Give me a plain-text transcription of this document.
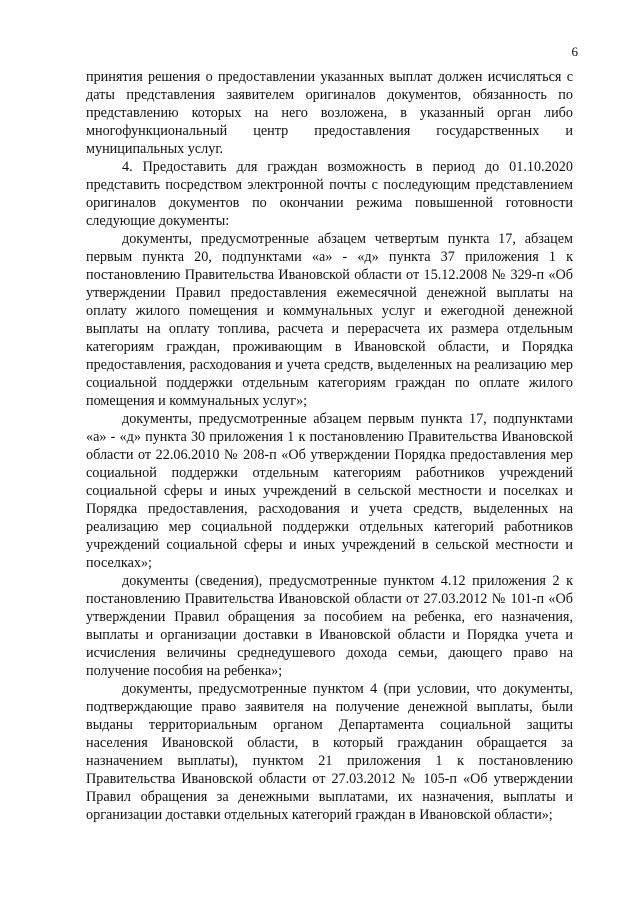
6

принятия решения о предоставлении указанных выплат должен исчисляться с даты представления заявителем оригиналов документов, обязанность по представлению которых на него возложена, в указанный орган либо многофункциональный центр предоставления государственных и муниципальных услуг.

4. Предоставить для граждан возможность в период до 01.10.2020 представить посредством электронной почты с последующим представлением оригиналов документов по окончании режима повышенной готовности следующие документы:

документы, предусмотренные абзацем четвертым пункта 17, абзацем первым пункта 20, подпунктами «а» - «д» пункта 37 приложения 1 к постановлению Правительства Ивановской области от 15.12.2008 № 329-п «Об утверждении Правил предоставления ежемесячной денежной выплаты на оплату жилого помещения и коммунальных услуг и ежегодной денежной выплаты на оплату топлива, расчета и перерасчета их размера отдельным категориям граждан, проживающим в Ивановской области, и Порядка предоставления, расходования и учета средств, выделенных на реализацию мер социальной поддержки отдельным категориям граждан по оплате жилого помещения и коммунальных услуг»;

документы, предусмотренные абзацем первым пункта 17, подпунктами «а» - «д» пункта 30 приложения 1 к постановлению Правительства Ивановской области от 22.06.2010 № 208-п «Об утверждении Порядка предоставления мер социальной поддержки отдельным категориям работников учреждений социальной сферы и иных учреждений в сельской местности и поселках и Порядка предоставления, расходования и учета средств, выделенных на реализацию мер социальной поддержки отдельных категорий работников учреждений социальной сферы и иных учреждений в сельской местности и поселках»;

документы (сведения), предусмотренные пунктом 4.12 приложения 2 к постановлению Правительства Ивановской области от 27.03.2012 № 101-п «Об утверждении Правил обращения за пособием на ребенка, его назначения, выплаты и организации доставки в Ивановской области и Порядка учета и исчисления величины среднедушевого дохода семьи, дающего право на получение пособия на ребенка»;

документы, предусмотренные пунктом 4 (при условии, что документы, подтверждающие право заявителя на получение денежной выплаты, были выданы территориальным органом Департамента социальной защиты населения Ивановской области, в который гражданин обращается за назначением выплаты), пунктом 21 приложения 1 к постановлению Правительства Ивановской области от 27.03.2012 № 105-п «Об утверждении Правил обращения за денежными выплатами, их назначения, выплаты и организации доставки отдельных категорий граждан в Ивановской области»;
